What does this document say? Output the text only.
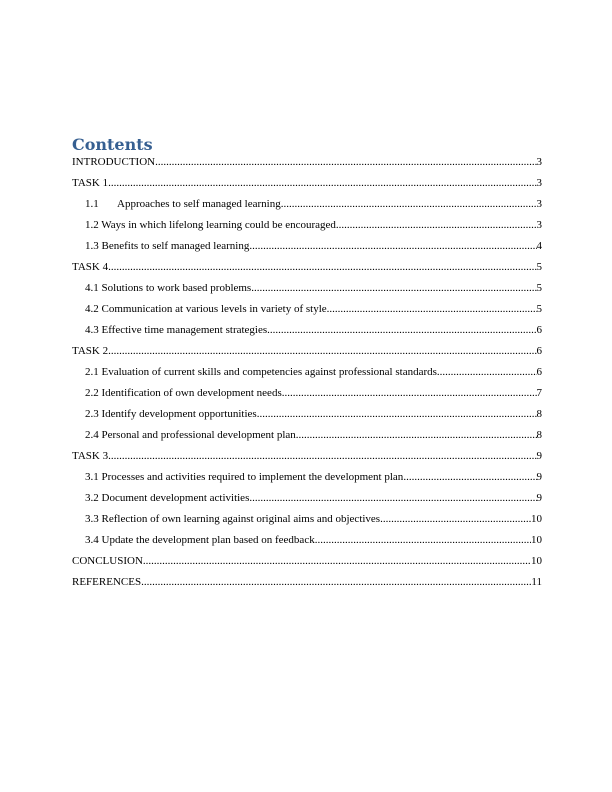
Contents
INTRODUCTION .....	3
TASK 1 .....	3
1.1 Approaches to self managed learning .....	3
1.2 Ways in which lifelong learning could be encouraged .....	3
1.3 Benefits to self managed learning .....	4
TASK 4 .....	5
4.1 Solutions to work based problems .....	5
4.2 Communication at various levels in variety of style .....	5
4.3 Effective time management strategies .....	6
TASK 2 .....	6
2.1 Evaluation of current skills and competencies against professional standards .....	6
2.2 Identification of own development needs .....	7
2.3 Identify development opportunities .....	8
2.4 Personal and professional development plan .....	8
TASK 3 .....	9
3.1 Processes and activities required to implement the development plan .....	9
3.2 Document development activities .....	9
3.3 Reflection of own learning against original aims and objectives .....	10
3.4 Update the development plan based on feedback .....	10
CONCLUSION .....	10
REFERENCES .....	11
